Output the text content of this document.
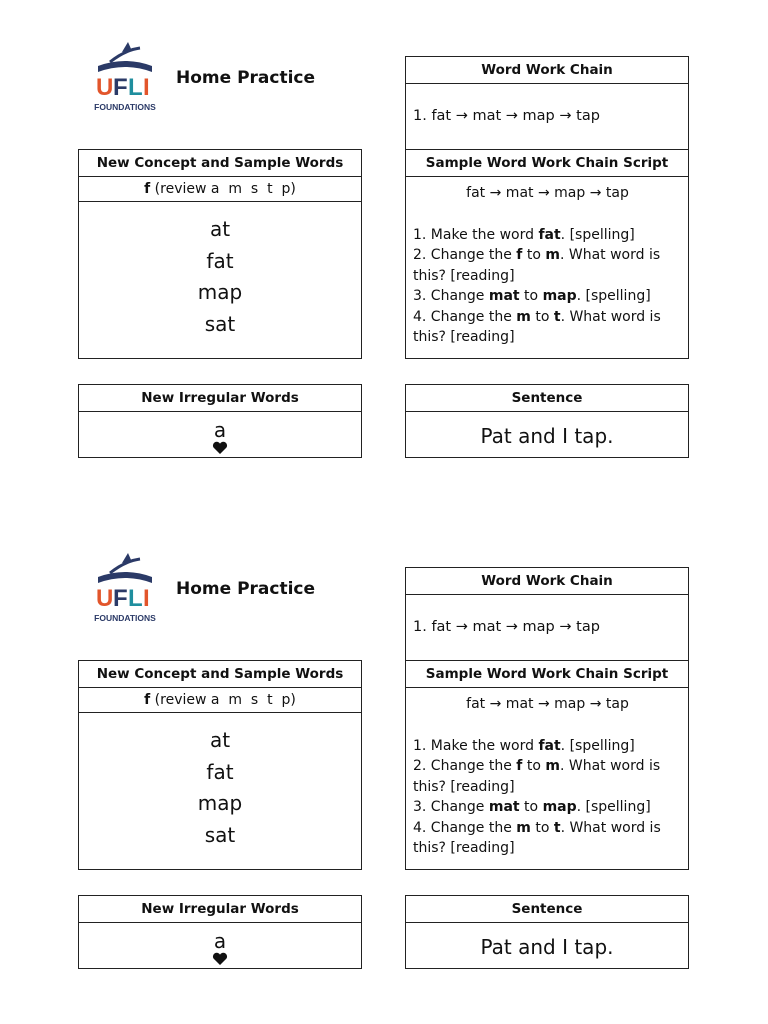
U F L I
FOUNDATIONS
Home Practice	Word Work Chain
1. fat → mat → map → tap
New Concept and Sample Words
f (review a  m  s  t  p)
at
fat
map
sat
Sample Word Work Chain Script
fat → mat → map → tap
1. Make the word fat. [spelling]
2. Change the f to m. What word is this? [reading]
3. Change mat to map. [spelling]
4. Change the m to t. What word is this? [reading]
New Irregular Words
a
Sentence
Pat and I tap.
U F L I
FOUNDATIONS
Home Practice	Word Work Chain
1. fat → mat → map → tap
New Concept and Sample Words
f (review a  m  s  t  p)
at
fat
map
sat
Sample Word Work Chain Script
fat → mat → map → tap
1. Make the word fat. [spelling]
2. Change the f to m. What word is this? [reading]
3. Change mat to map. [spelling]
4. Change the m to t. What word is this? [reading]
New Irregular Words
a
Sentence
Pat and I tap.
